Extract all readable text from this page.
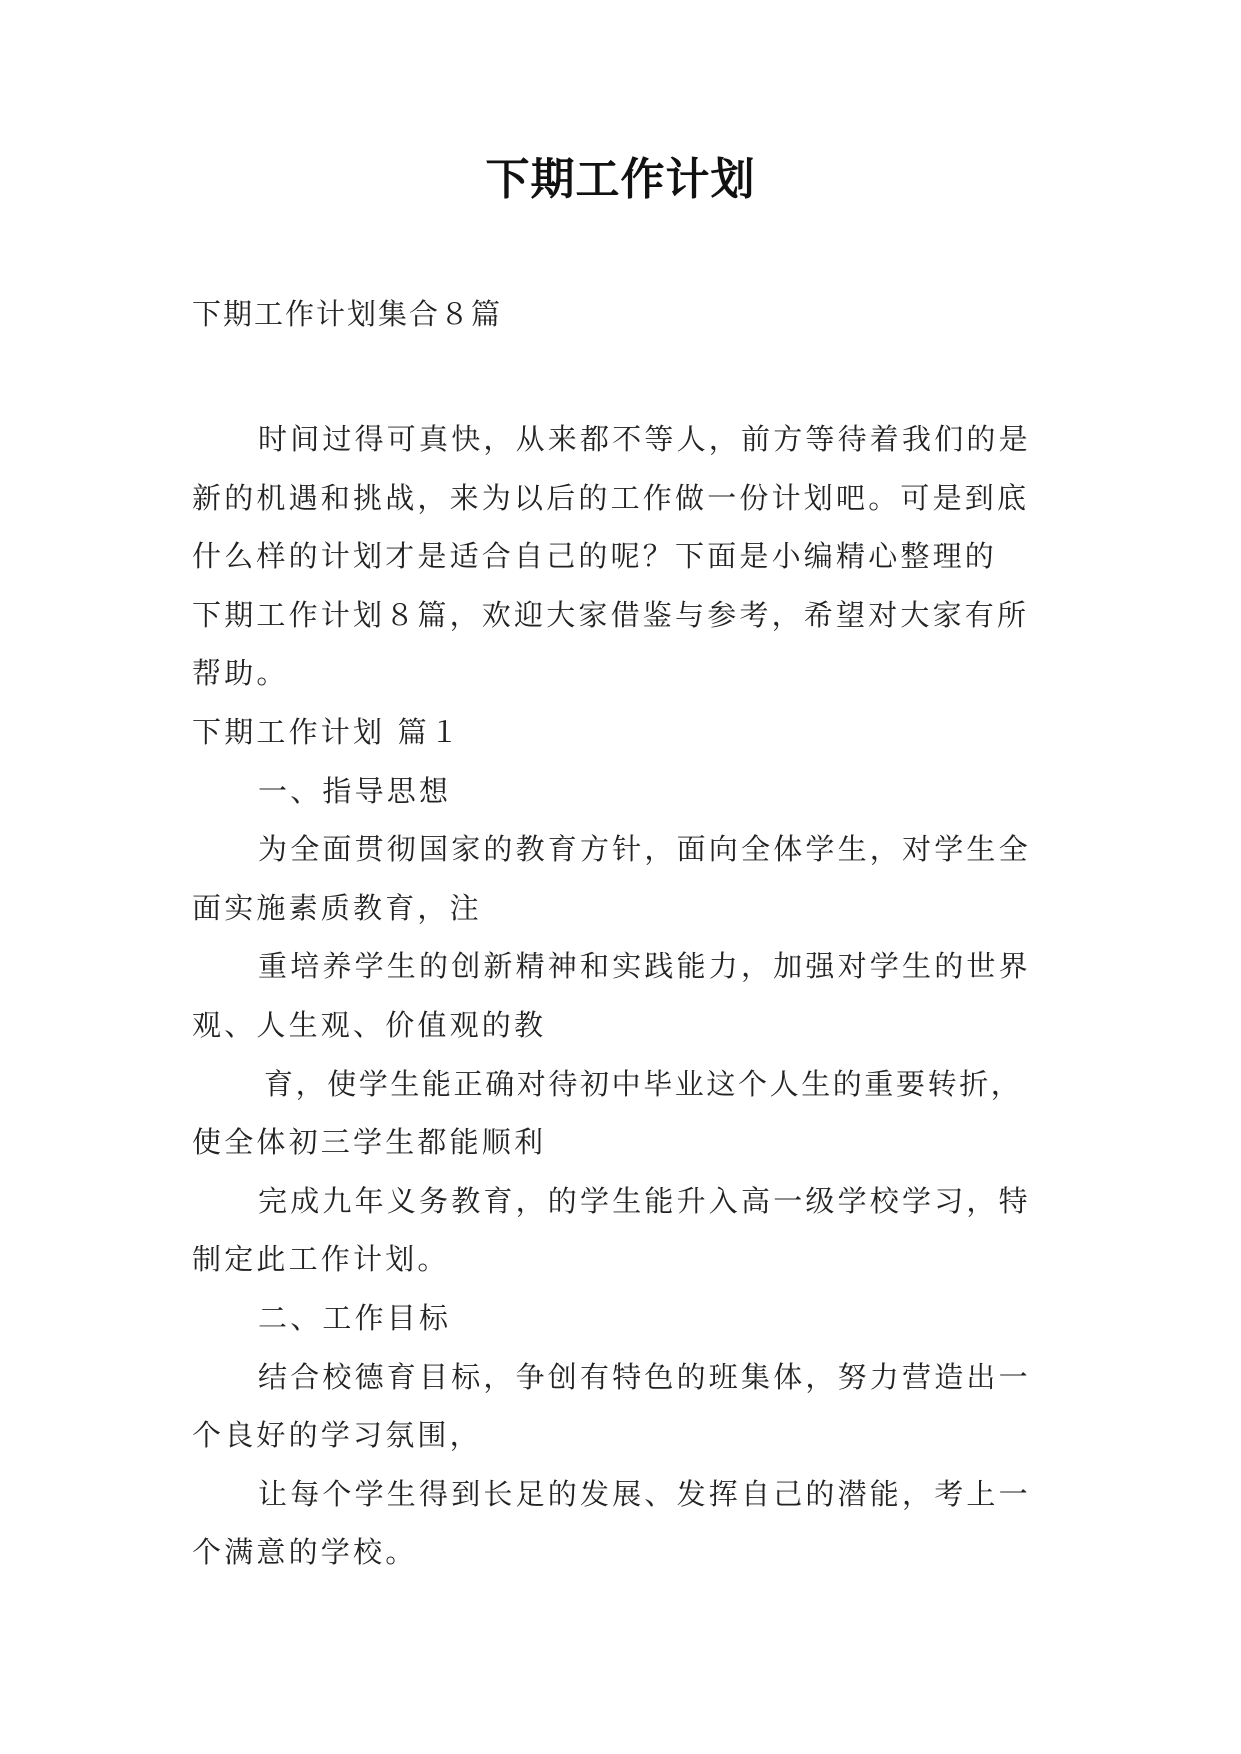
下期工作计划
下期工作计划集合８篇
时间过得可真快，从来都不等人，前方等待着我们的是
新的机遇和挑战，来为以后的工作做一份计划吧。可是到底
什么样的计划才是适合自己的呢？下面是小编精心整理的
下期工作计划８篇，欢迎大家借鉴与参考，希望对大家有所
帮助。
下期工作计划 篇１
一、指导思想
为全面贯彻国家的教育方针，面向全体学生，对学生全
面实施素质教育，注
重培养学生的创新精神和实践能力，加强对学生的世界
观、人生观、价值观的教
育，使学生能正确对待初中毕业这个人生的重要转折，
使全体初三学生都能顺利
完成九年义务教育，的学生能升入高一级学校学习，特
制定此工作计划。
二、工作目标
结合校德育目标，争创有特色的班集体，努力营造出一
个良好的学习氛围，
让每个学生得到长足的发展、发挥自己的潜能，考上一
个满意的学校。
